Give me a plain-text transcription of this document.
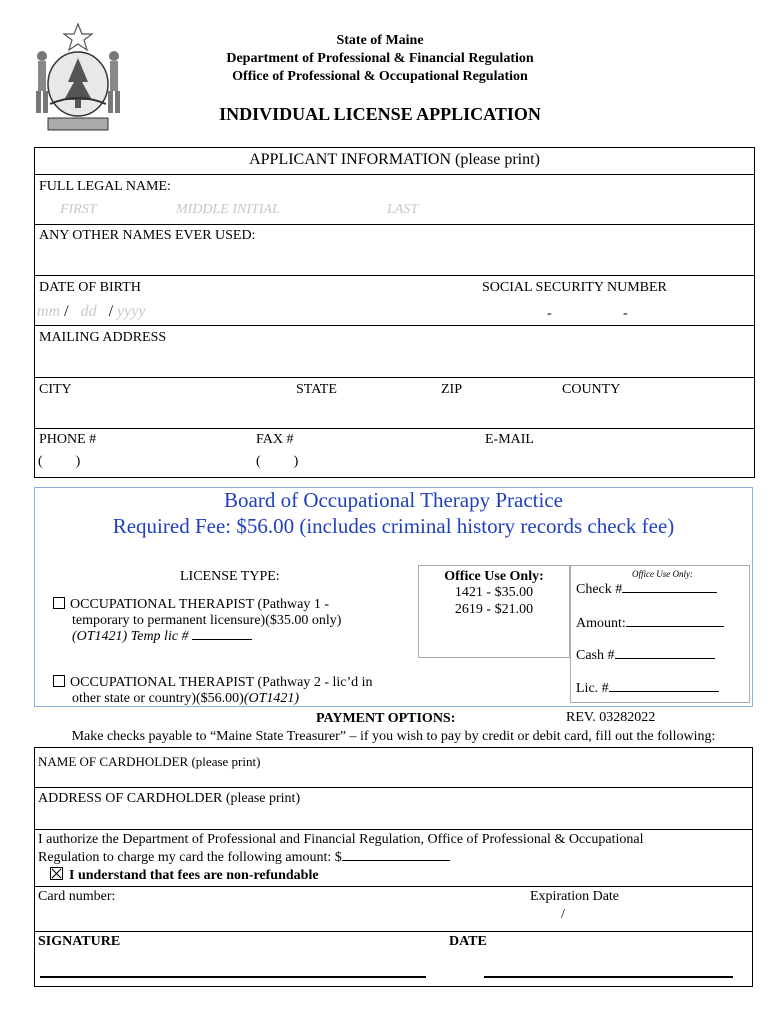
State of Maine
Department of Professional & Financial Regulation
Office of Professional & Occupational Regulation
INDIVIDUAL LICENSE APPLICATION
APPLICANT INFORMATION (please print)
FULL LEGAL NAME:
FIRST	MIDDLE INITIAL	LAST
ANY OTHER NAMES EVER USED:
DATE OF BIRTH	SOCIAL SECURITY NUMBER
mm / dd / yyyy	-	-
MAILING ADDRESS
CITY	STATE	ZIP	COUNTY
PHONE #	FAX #	E-MAIL
( )	( )
Board of Occupational Therapy Practice
Required Fee: $56.00 (includes criminal history records check fee)
LICENSE TYPE:
OCCUPATIONAL THERAPIST (Pathway 1 -
temporary to permanent licensure)($35.00 only)
(OT1421) Temp lic #
OCCUPATIONAL THERAPIST (Pathway 2 - lic’d in
other state or country)($56.00)(OT1421)
Office Use Only:
1421 - $35.00
2619 - $21.00
Office Use Only:
Check #
Amount:
Cash #
Lic. #
PAYMENT OPTIONS:	REV. 03282022
Make checks payable to “Maine State Treasurer” – if you wish to pay by credit or debit card, fill out the following:
NAME OF CARDHOLDER (please print)
ADDRESS OF CARDHOLDER (please print)
I authorize the Department of Professional and Financial Regulation, Office of Professional & Occupational
Regulation to charge my card the following amount: $
I understand that fees are non-refundable
Card number:	Expiration Date
/
SIGNATURE	DATE
